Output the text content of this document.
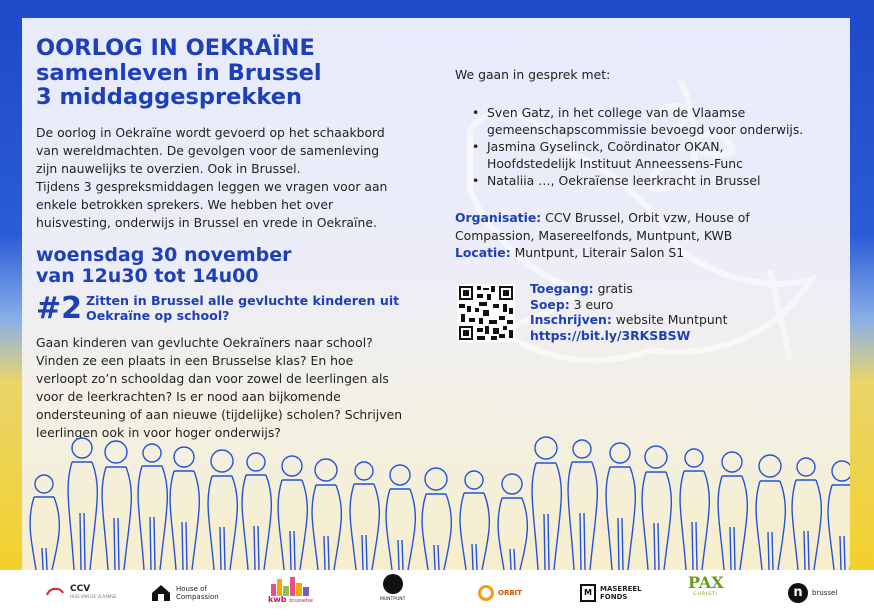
OORLOG IN OEKRAÏNE
samenleven in Brussel
3 middaggesprekken
De oorlog in Oekraïne wordt gevoerd op het schaakbord
van wereldmachten. De gevolgen voor de samenleving
zijn nauwelijks te overzien. Ook in Brussel.
Tijdens 3 gespreksmiddagen leggen we vragen voor aan
enkele betrokken sprekers. We hebben het over
huisvesting, onderwijs in Brussel en vrede in Oekraïne.
woensdag 30 november
van 12u30 tot 14u00
#2 Zitten in Brussel alle gevluchte kinderen uit
Oekraïne op school?
Gaan kinderen van gevluchte Oekraïners naar school?
Vinden ze een plaats in een Brusselse klas? En hoe
verloopt zo’n schooldag dan voor zowel de leerlingen als
voor de leerkrachten? Is er nood aan bijkomende
ondersteuning of aan nieuwe (tijdelijke) scholen? Schrijven
leerlingen ook in voor hoger onderwijs?
We gaan in gesprek met:
• Sven Gatz, in het college van de Vlaamse
gemeenschapscommissie bevoegd voor onderwijs.
• Jasmina Gyselinck, Coördinator OKAN,
Hoofdstedelijk Instituut Anneessens-Func
• Nataliia …, Oekraïense leerkracht in Brussel
Organisatie: CCV Brussel, Orbit vzw, House of
Compassion, Masereelfonds, Muntpunt, KWB
Locatie: Muntpunt, Literair Salon S1
Toegang: gratis
Soep: 3 euro
Inschrijven: website Muntpunt
https://bit.ly/3RKSBSW
CCV
HUIS VAN DE VLAAMSE
House of
Compassion	kwb brusselse	MUNTPUNT
ORBIT	M	MASEREEL
FONDS
PAX
CHRISTI	n	brussel
